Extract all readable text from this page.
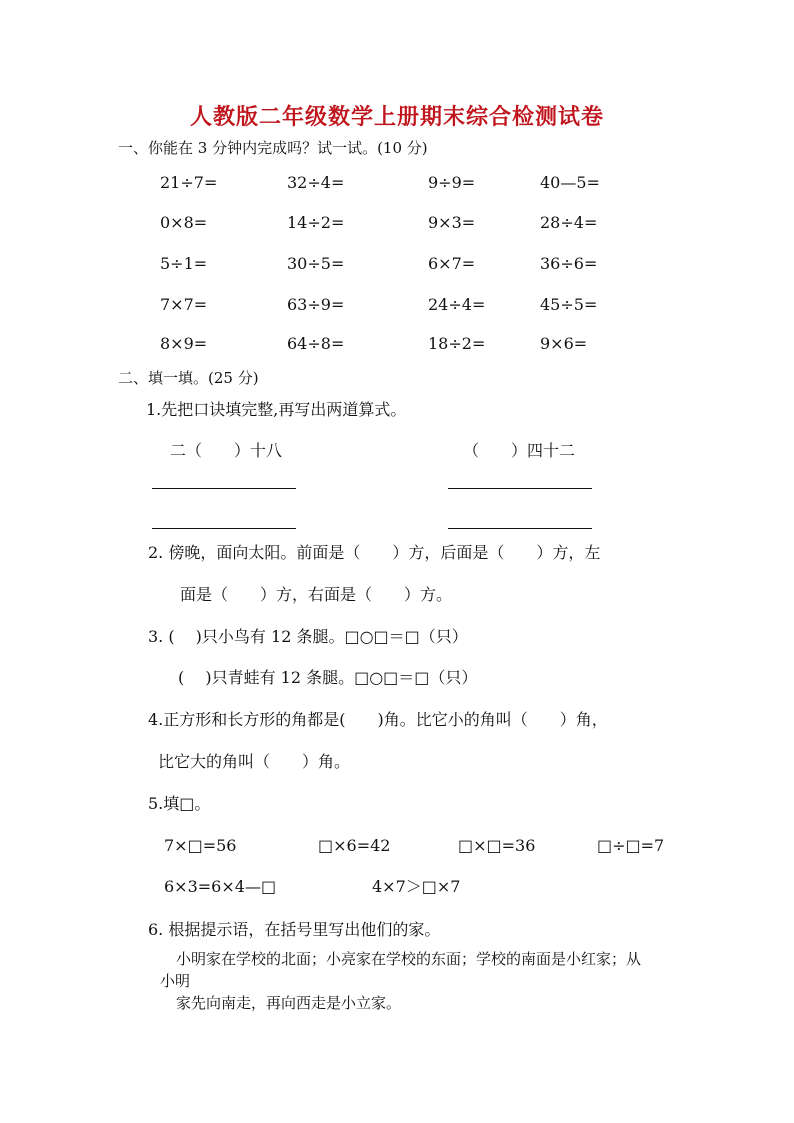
人教版二年级数学上册期末综合检测试卷
一、你能在 3 分钟内完成吗？试一试。(10 分)
21÷7=	32÷4=	9÷9=	40—5=
0×8=	14÷2=	9×3=	28÷4=
5÷1=	30÷5=	6×7=	36÷6=
7×7=	63÷9=	24÷4=	45÷5=
8×9=	64÷8=	18÷2=	9×6=
二、填一填。(25 分)
1.先把口诀填完整,再写出两道算式。
二（　　）十八	（　　）四十二
2. 傍晚，面向太阳。前面是（　　）方，后面是（　　）方，左
面是（　　）方，右面是（　　）方。
3. (　 )只小鸟有 12 条腿。□○□＝□（只）
(　 )只青蛙有 12 条腿。□○□＝□（只）
4.正方形和长方形的角都是(　　)角。比它小的角叫（　　）角，
比它大的角叫（　　）角。
5.填□。
7×□=56	□×6=42	□×□=36	□÷□=7
6×3=6×4—□	4×7＞□×7
6. 根据提示语，在括号里写出他们的家。
小明家在学校的北面；小亮家在学校的东面；学校的南面是小红家；从
小明
家先向南走，再向西走是小立家。
